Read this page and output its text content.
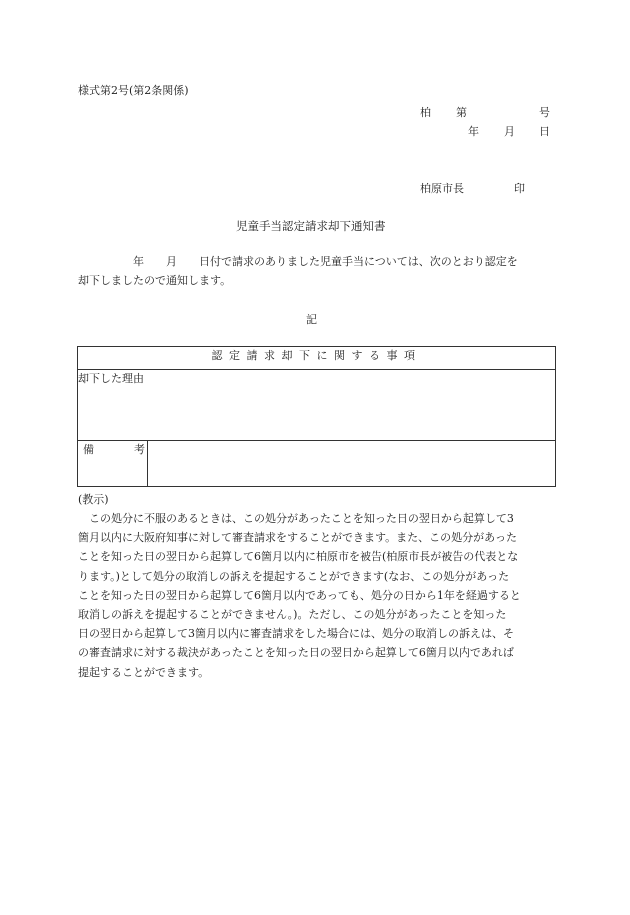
様式第2号(第2条関係)
柏 第	号
年 月 日
柏原市長	印
児童手当認定請求却下通知書
　　　　　年　　月　　日付で請求のありました児童手当については、次のとおり認定を
却下しましたので通知します。
記
認定請求却下に関する事項
却下した理由
備考	
(教示)
　この処分に不服のあるときは、この処分があったことを知った日の翌日から起算して3
箇月以内に大阪府知事に対して審査請求をすることができます。また、この処分があった
ことを知った日の翌日から起算して6箇月以内に柏原市を被告(柏原市長が被告の代表とな
ります。)として処分の取消しの訴えを提起することができます(なお、この処分があった
ことを知った日の翌日から起算して6箇月以内であっても、処分の日から1年を経過すると
取消しの訴えを提起することができません。)。ただし、この処分があったことを知った
日の翌日から起算して3箇月以内に審査請求をした場合には、処分の取消しの訴えは、そ
の審査請求に対する裁決があったことを知った日の翌日から起算して6箇月以内であれば
提起することができます。
